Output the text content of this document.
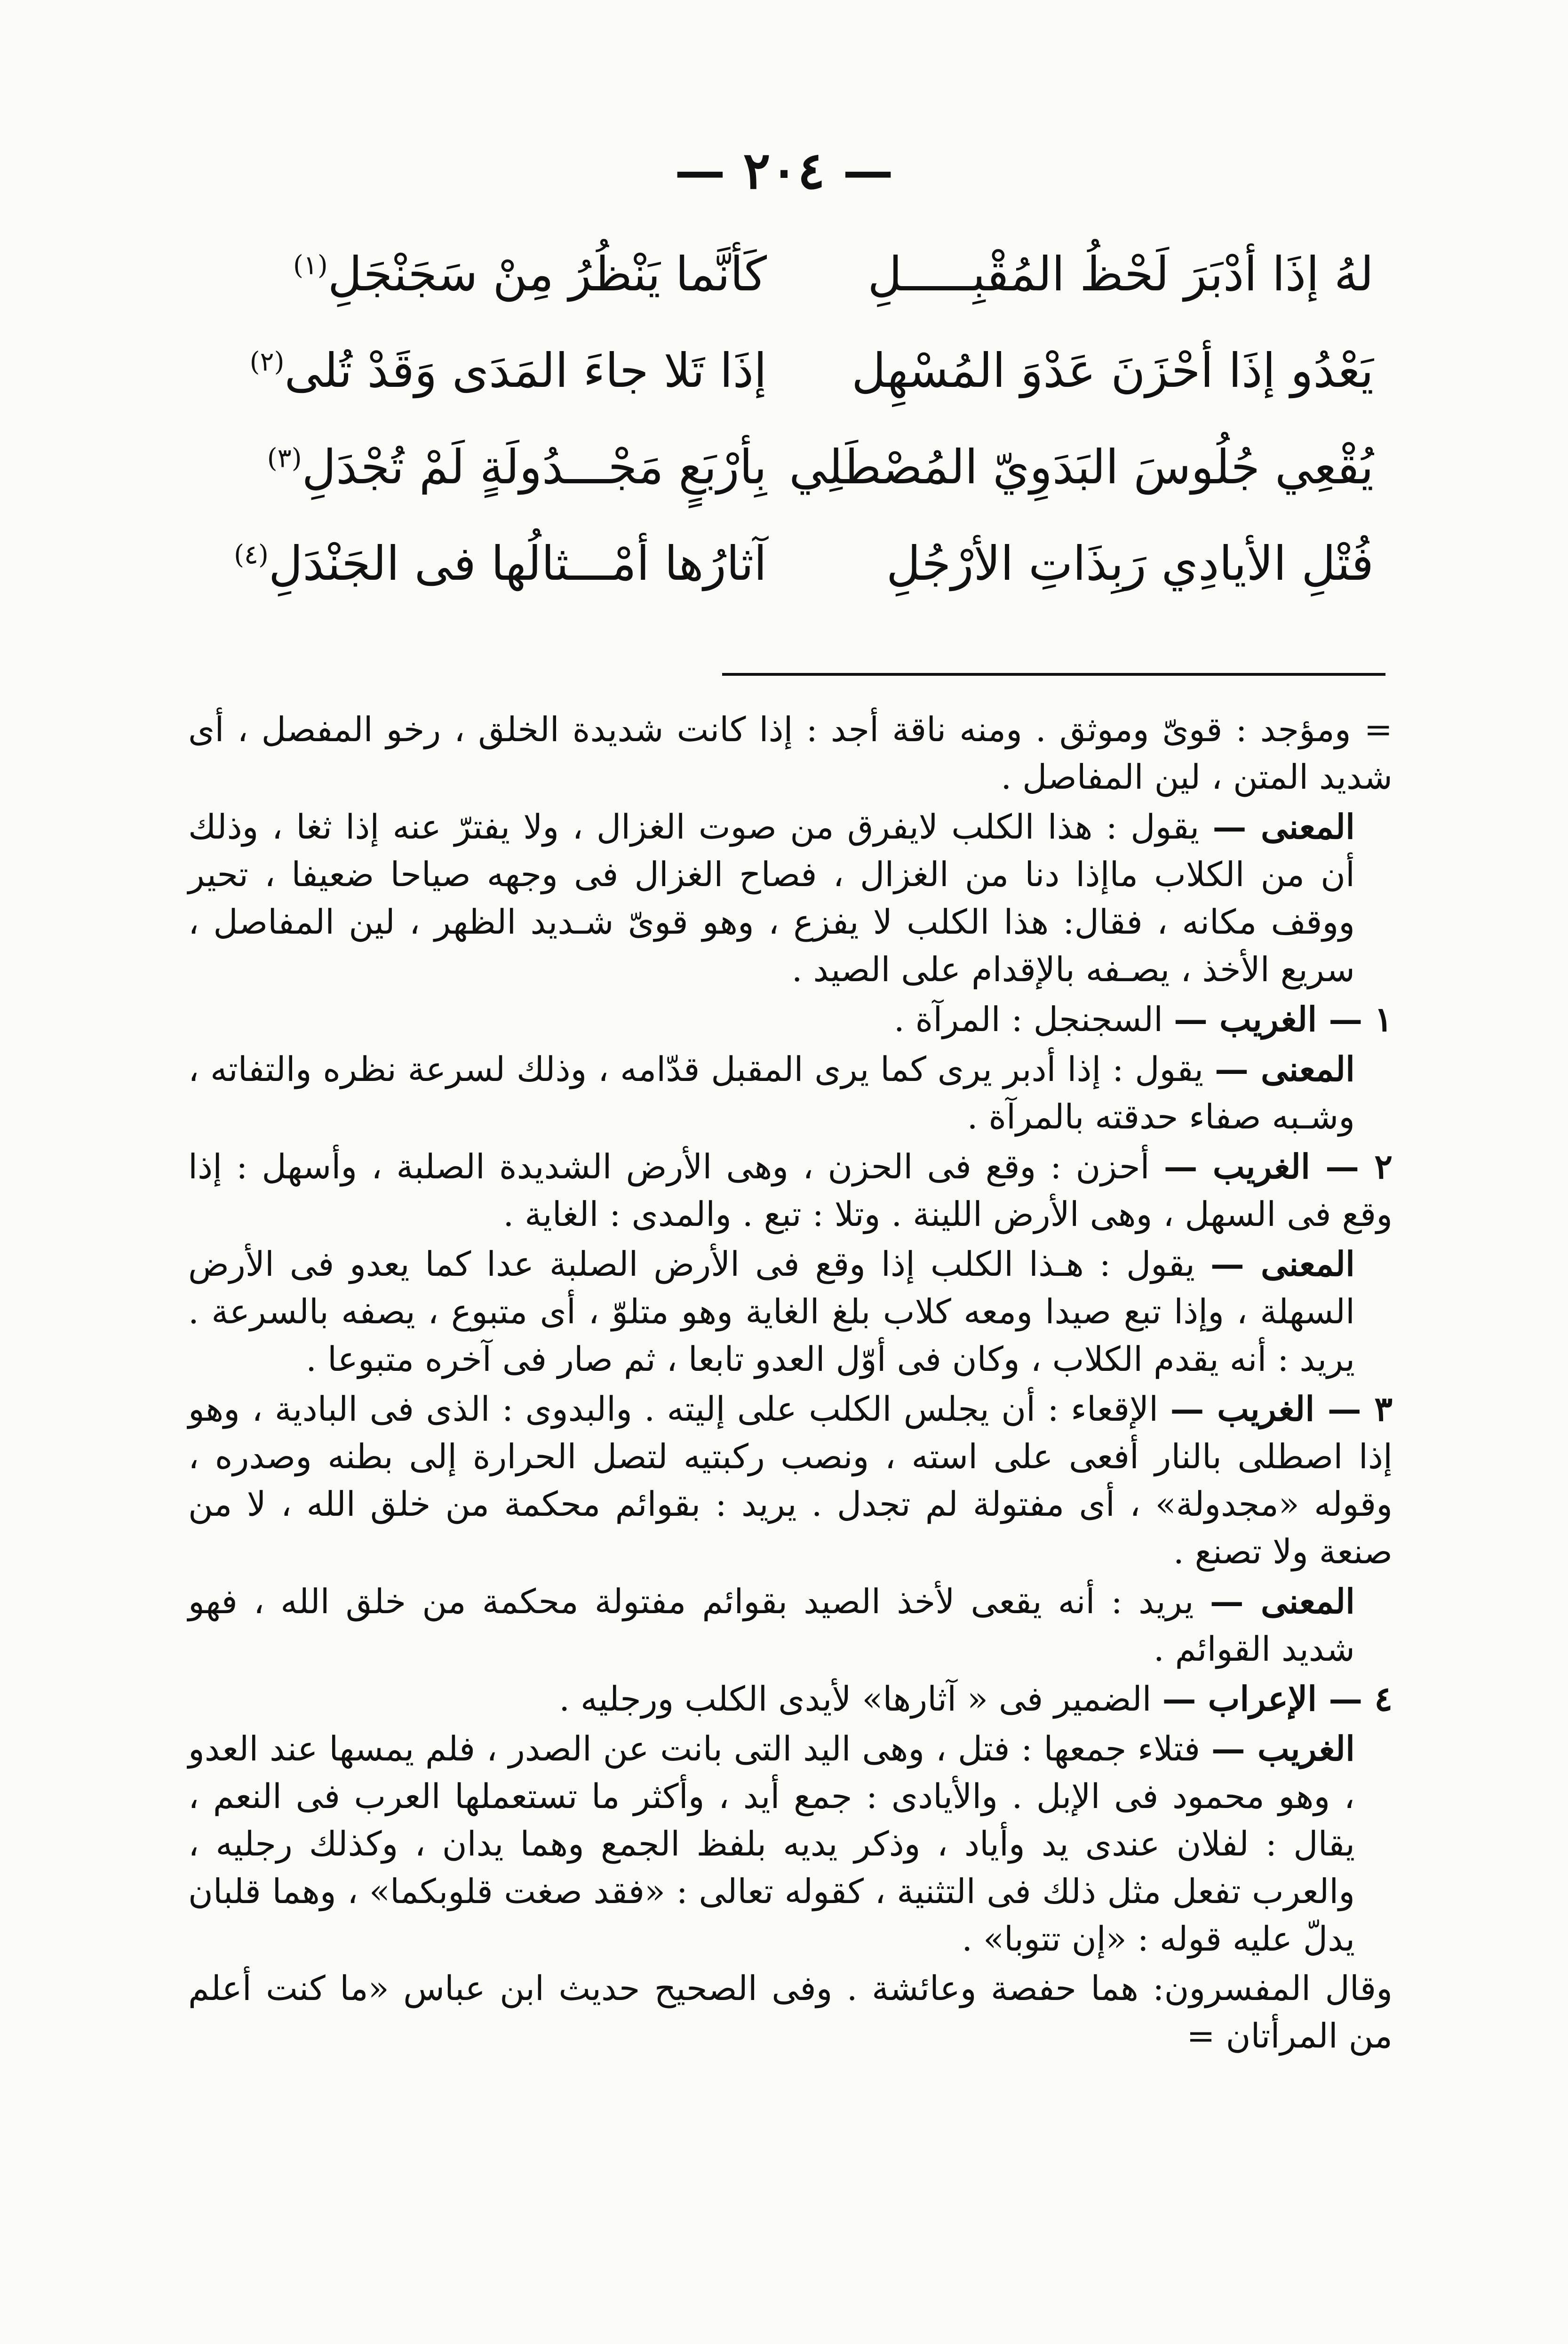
— ٢٠٤ —
لهُ إذَا أدْبَرَ لَحْظُ المُقْبِـــــلِ
كَأنَّما يَنْظُرُ مِنْ سَجَنْجَلِ$^{(١)}$
يَعْدُو إذَا أحْزَنَ عَدْوَ المُسْهِل
إذَا تَلا جاءَ المَدَى وَقَدْ تُلى$^{(٢)}$
يُقْعِي جُلُوسَ البَدَوِيّ المُصْطَلِي
بِأرْبَعٍ مَجْـــدُولَةٍ لَمْ تُجْدَلِ$^{(٣)}$
فُتْلِ الأيادِي رَبِذَاتِ الأرْجُلِ
آثارُها أمْـــثالُها فى الجَنْدَلِ$^{(٤)}$

= ومؤجد : قوىّ وموثق . ومنه ناقة أجد : إذا كانت شديدة الخلق ، رخو المفصل ، أى شديد المتن ، لين المفاصل .

المعنى — يقول : هذا الكلب لايفرق من صوت الغزال ، ولا يفترّ عنه إذا ثغا ، وذلك أن من الكلاب ماإذا دنا من الغزال ، فصاح الغزال فى وجهه صياحا ضعيفا ، تحير ووقف مكانه ، فقال: هذا الكلب لا يفزع ، وهو قوىّ شـديد الظهر ، لين المفاصل ، سريع الأخذ ، يصـفه بالإقدام على الصيد .

١ — الغريب — السجنجل : المرآة .

المعنى — يقول : إذا أدبر يرى كما يرى المقبل قدّامه ، وذلك لسرعة نظره والتفاته ، وشـبه صفاء حدقته بالمرآة .

٢ — الغريب — أحزن : وقع فى الحزن ، وهى الأرض الشديدة الصلبة ، وأسهل : إذا وقع فى السهل ، وهى الأرض اللينة . وتلا : تبع . والمدى : الغاية .

المعنى — يقول : هـذا الكلب إذا وقع فى الأرض الصلبة عدا كما يعدو فى الأرض السهلة ، وإذا تبع صيدا ومعه كلاب بلغ الغاية وهو متلوّ ، أى متبوع ، يصفه بالسرعة . يريد : أنه يقدم الكلاب ، وكان فى أوّل العدو تابعا ، ثم صار فى آخره متبوعا .

٣ — الغريب — الإقعاء : أن يجلس الكلب على إليته . والبدوى : الذى فى البادية ، وهو إذا اصطلى بالنار أفعى على استه ، ونصب ركبتيه لتصل الحرارة إلى بطنه وصدره ، وقوله «مجدولة» ، أى مفتولة لم تجدل . يريد : بقوائم محكمة من خلق الله ، لا من صنعة ولا تصنع .

المعنى — يريد : أنه يقعى لأخذ الصيد بقوائم مفتولة محكمة من خلق الله ، فهو شديد القوائم .

٤ — الإعراب — الضمير فى « آثارها» لأيدى الكلب ورجليه .

الغريب — فتلاء جمعها : فتل ، وهى اليد التى بانت عن الصدر ، فلم يمسها عند العدو ، وهو محمود فى الإبل . والأيادى : جمع أيد ، وأكثر ما تستعملها العرب فى النعم ، يقال : لفلان عندى يد وأياد ، وذكر يديه بلفظ الجمع وهما يدان ، وكذلك رجليه ، والعرب تفعل مثل ذلك فى التثنية ، كقوله تعالى : «فقد صغت قلوبكما» ، وهما قلبان يدلّ عليه قوله : «إن تتوبا» .

وقال المفسرون: هما حفصة وعائشة . وفى الصحيح حديث ابن عباس «ما كنت أعلم من المرأتان =
